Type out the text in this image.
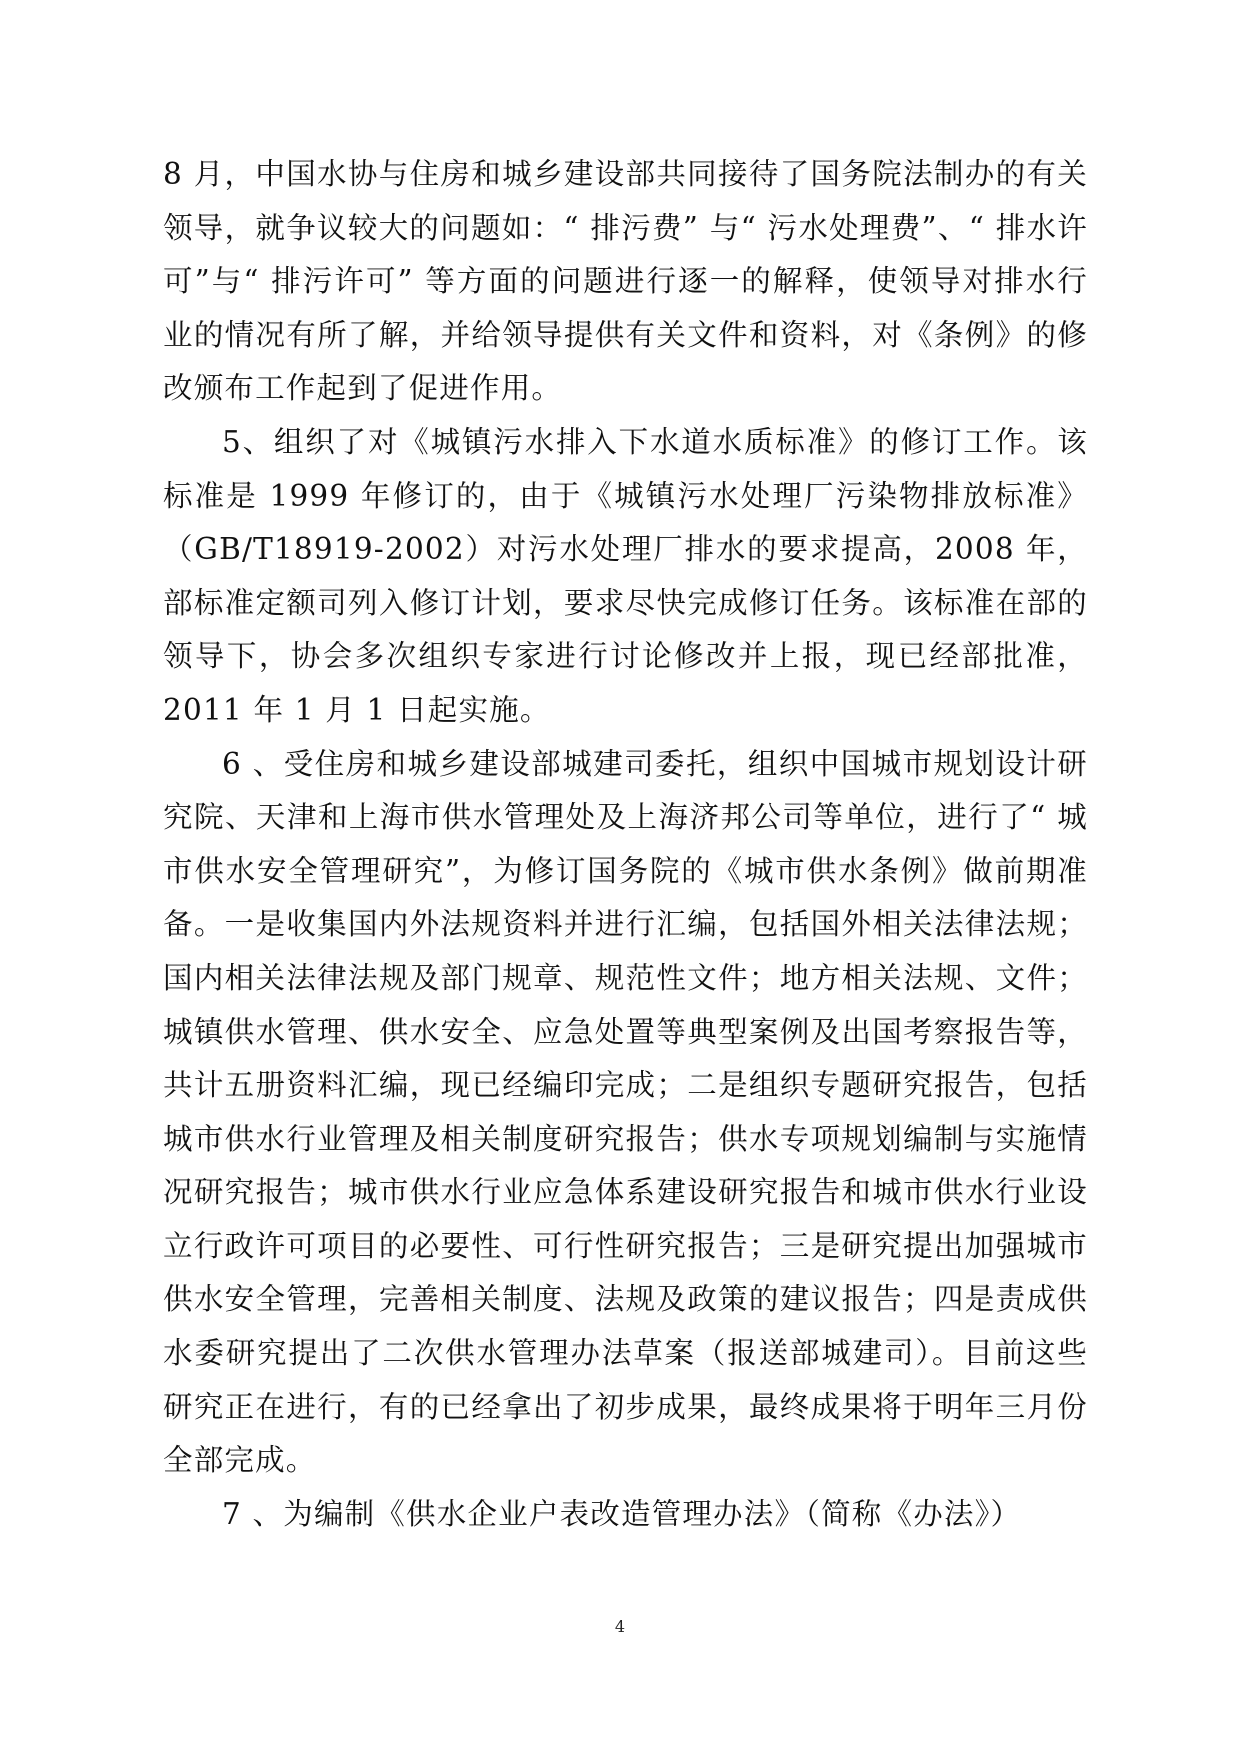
8 月，中国水协与住房和城乡建设部共同接待了国务院法制办的有关领导，就争议较大的问题如：“ 排污费” 与“ 污水处理费”、“ 排水许可”与“ 排污许可” 等方面的问题进行逐一的解释，使领导对排水行业的情况有所了解，并给领导提供有关文件和资料，对《条例》的修改颁布工作起到了促进作用。

5、组织了对《城镇污水排入下水道水质标准》的修订工作。该标准是 1999 年修订的，由于《城镇污水处理厂污染物排放标准》（GB/T18919-2002）对污水处理厂排水的要求提高，2008 年，部标准定额司列入修订计划，要求尽快完成修订任务。该标准在部的领导下，协会多次组织专家进行讨论修改并上报，现已经部批准，2011 年 1 月 1 日起实施。

6 、受住房和城乡建设部城建司委托，组织中国城市规划设计研究院、天津和上海市供水管理处及上海济邦公司等单位，进行了“ 城市供水安全管理研究”，为修订国务院的《城市供水条例》做前期准备。一是收集国内外法规资料并进行汇编，包括国外相关法律法规；国内相关法律法规及部门规章、规范性文件；地方相关法规、文件；城镇供水管理、供水安全、应急处置等典型案例及出国考察报告等，共计五册资料汇编，现已经编印完成；二是组织专题研究报告，包括城市供水行业管理及相关制度研究报告；供水专项规划编制与实施情况研究报告；城市供水行业应急体系建设研究报告和城市供水行业设立行政许可项目的必要性、可行性研究报告；三是研究提出加强城市供水安全管理，完善相关制度、法规及政策的建议报告；四是责成供水委研究提出了二次供水管理办法草案（报送部城建司）。目前这些研究正在进行，有的已经拿出了初步成果，最终成果将于明年三月份全部完成。

7 、为编制《供水企业户表改造管理办法》（简称《办法》）

4
